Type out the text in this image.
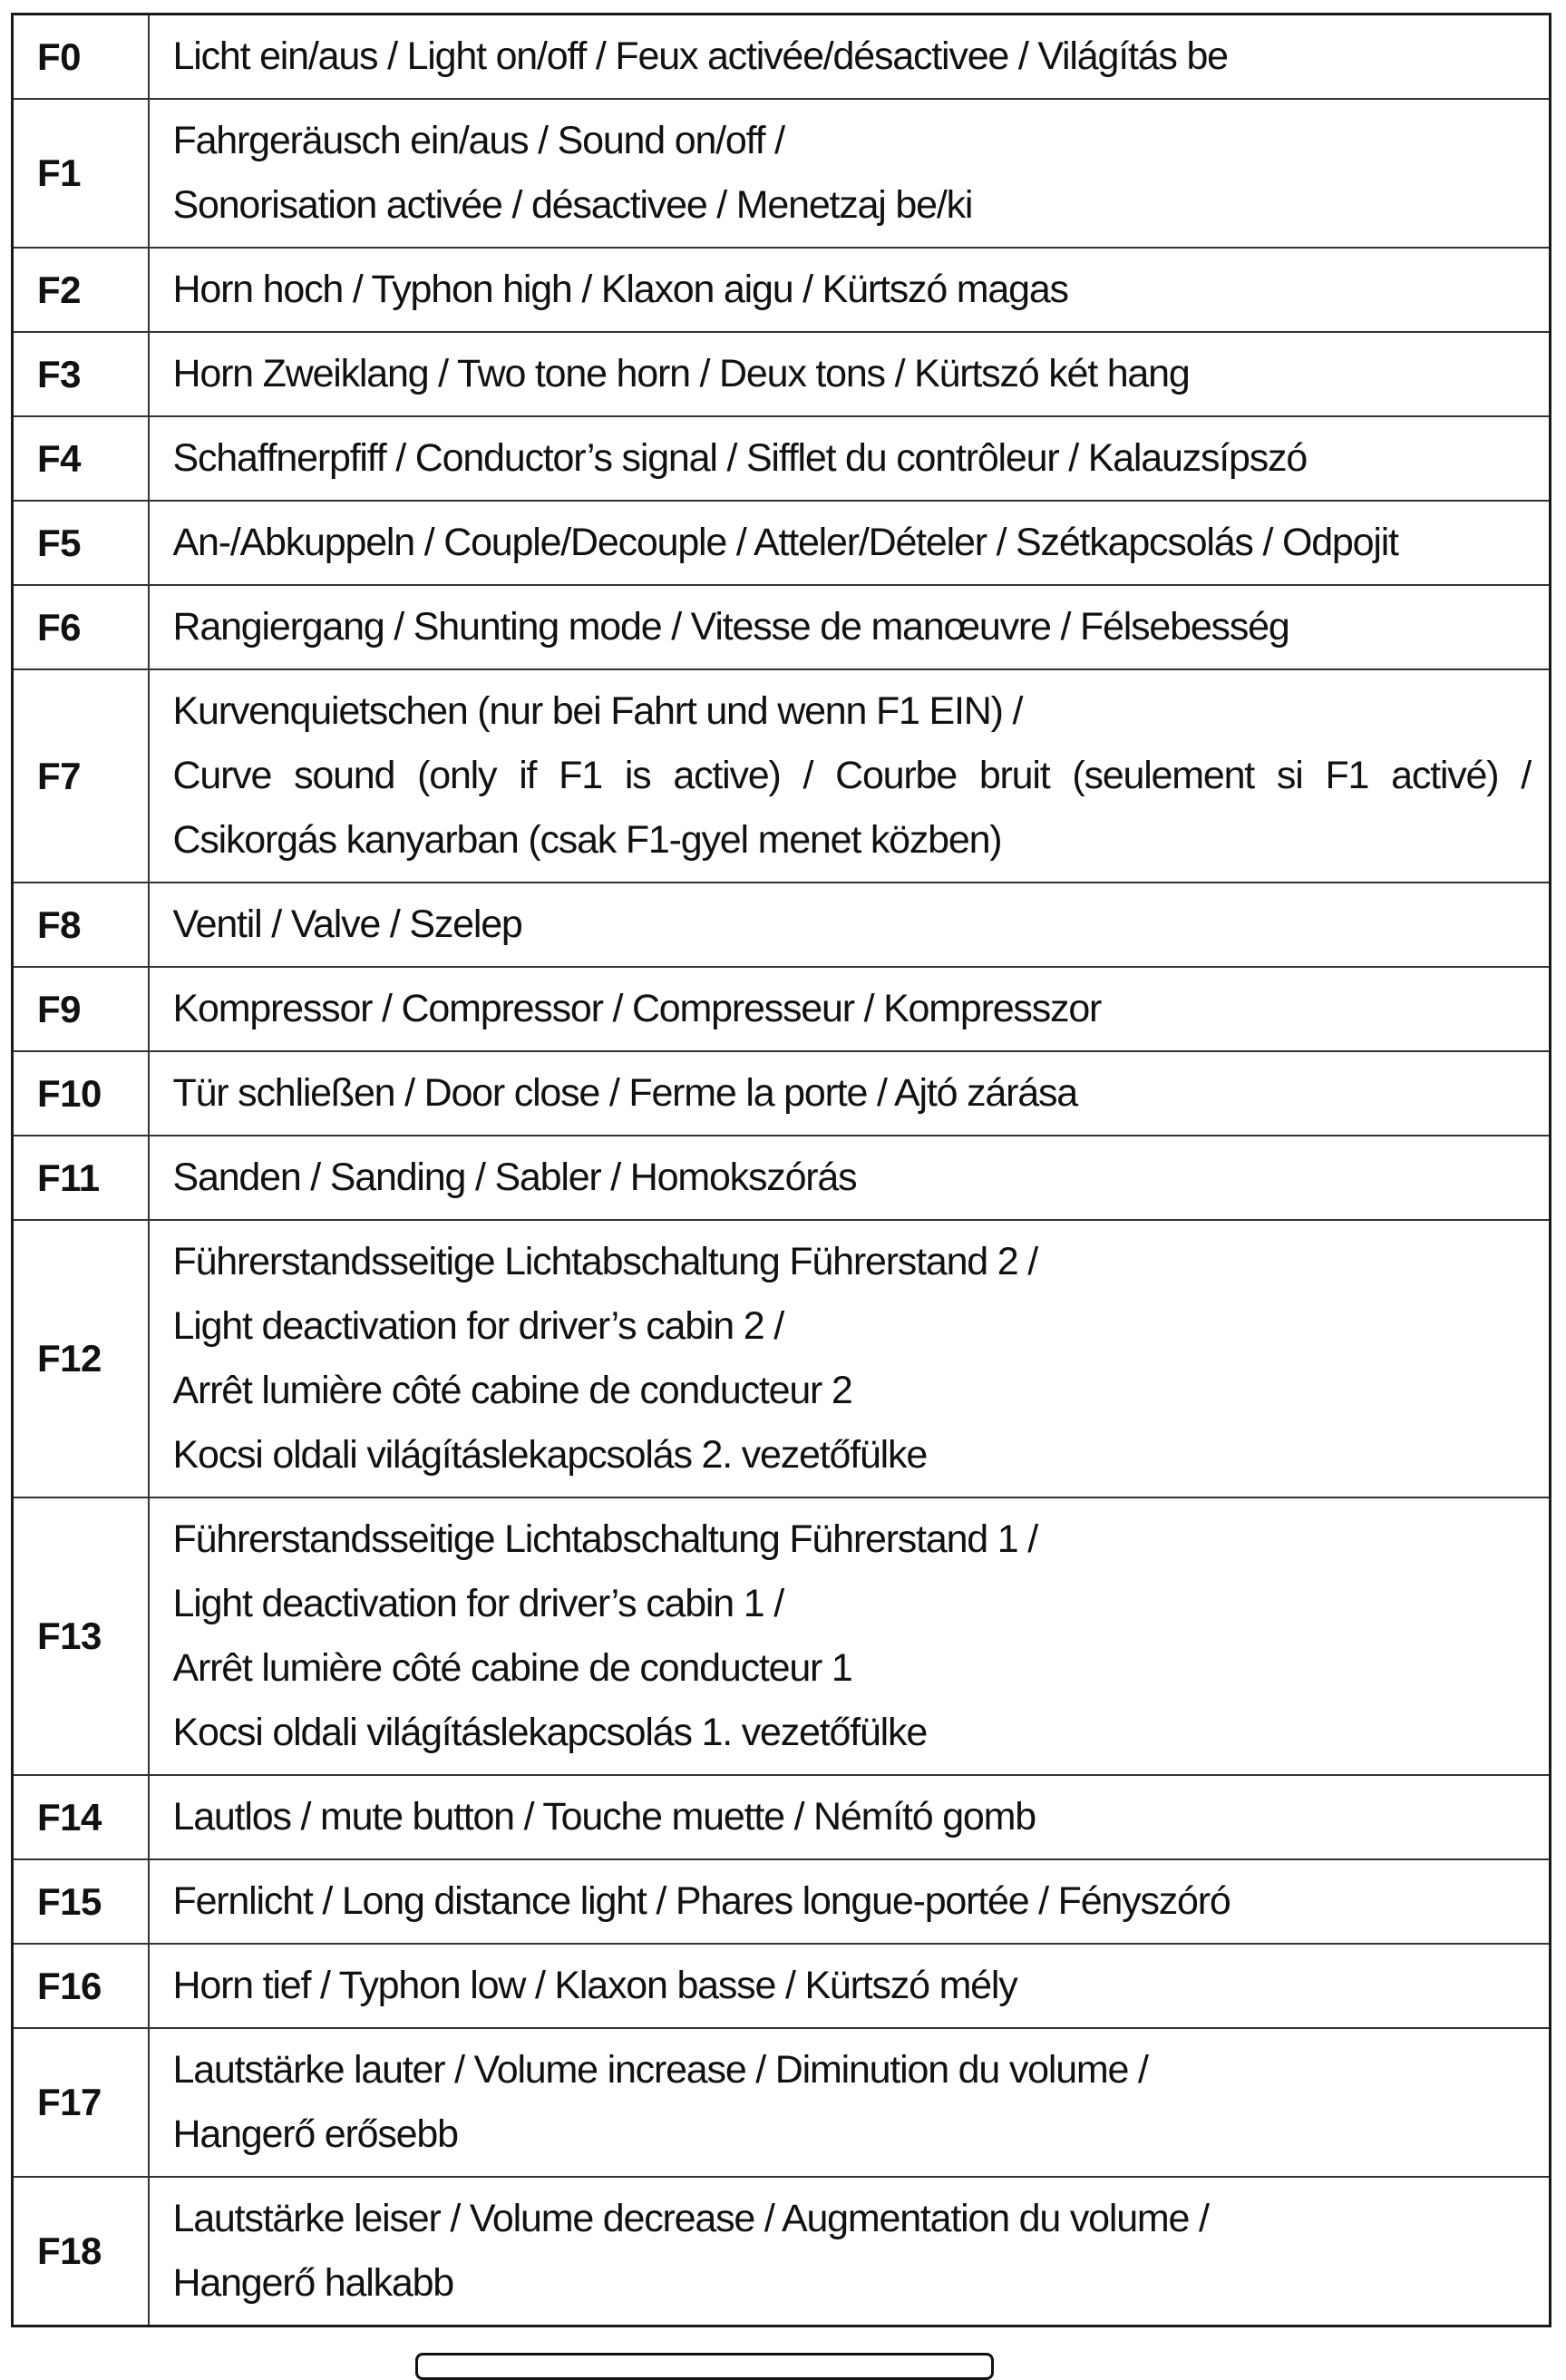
F0	Licht ein/aus / Light on/off / Feux activée/désactivee / Világítás be

F1	Fahrgeräusch ein/aus / Sound on/off /
Sonorisation activée / désactivee / Menetzaj be/ki

F2	Horn hoch / Typhon high / Klaxon aigu / Kürtszó magas

F3	Horn Zweiklang / Two tone horn / Deux tons / Kürtszó két hang

F4	Schaffnerpfiff / Conductor’s signal / Sifflet du contrôleur / Kalauzsípszó

F5	An-/Abkuppeln / Couple/Decouple / Atteler/Dételer / Szétkapcsolás / Odpojit

F6	Rangiergang / Shunting mode / Vitesse de manœuvre / Félsebesség

F7	Kurvenquietschen (nur bei Fahrt und wenn F1 EIN) /
Curve sound (only if F1 is active) / Courbe bruit (seulement si F1 activé) /
Csikorgás kanyarban (csak F1-gyel menet közben)

F8	Ventil / Valve / Szelep

F9	Kompressor / Compressor / Compresseur / Kompresszor

F10	Tür schließen / Door close / Ferme la porte / Ajtó zárása

F11	Sanden / Sanding / Sabler / Homokszórás

F12	Führerstandsseitige Lichtabschaltung Führerstand 2 /
Light deactivation for driver’s cabin 2 /
Arrêt lumière côté cabine de conducteur 2
Kocsi oldali világításlekapcsolás 2. vezetőfülke

F13	Führerstandsseitige Lichtabschaltung Führerstand 1 /
Light deactivation for driver’s cabin 1 /
Arrêt lumière côté cabine de conducteur 1
Kocsi oldali világításlekapcsolás 1. vezetőfülke

F14	Lautlos / mute button / Touche muette / Némító gomb

F15	Fernlicht / Long distance light / Phares longue-portée / Fényszóró

F16	Horn tief / Typhon low / Klaxon basse / Kürtszó mély

F17	Lautstärke lauter / Volume increase / Diminution du volume /
Hangerő erősebb

F18	Lautstärke leiser / Volume decrease / Augmentation du volume /
Hangerő halkabb
